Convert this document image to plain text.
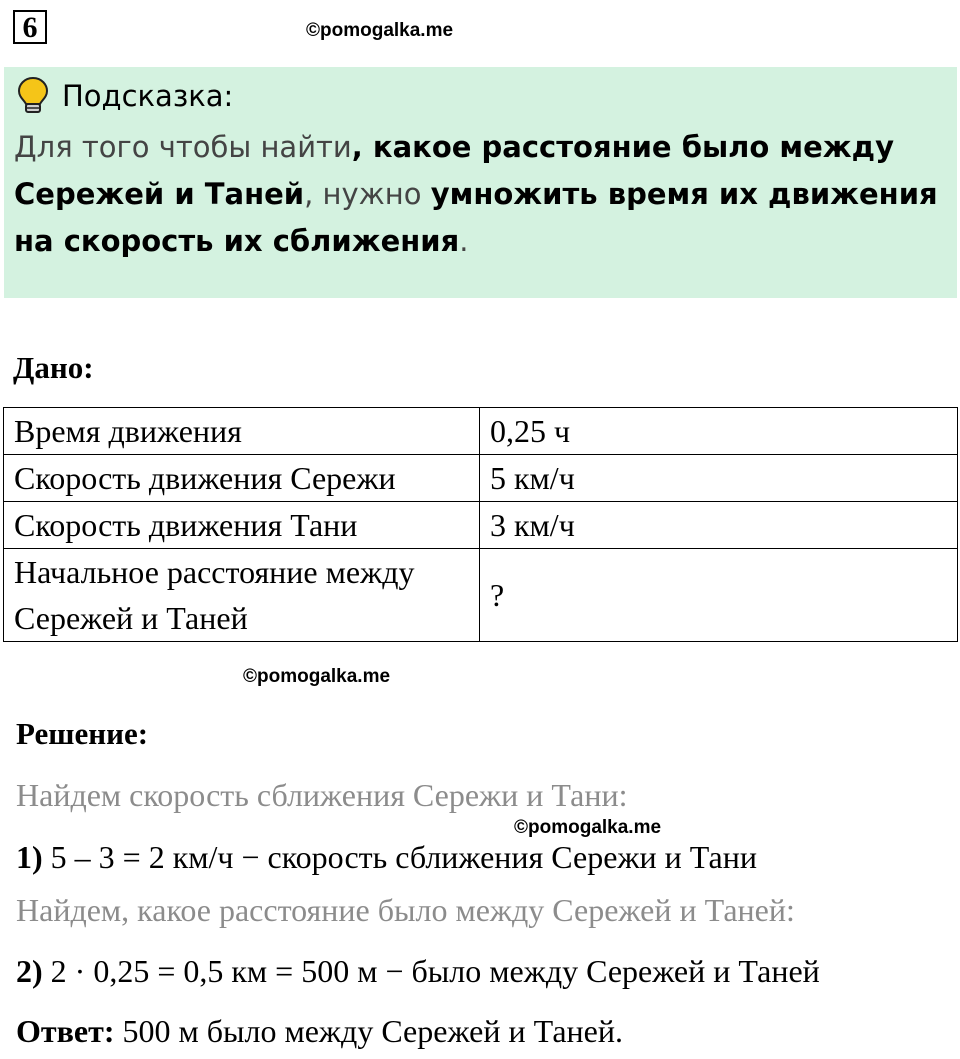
6	©pomogalka.me
Подсказка:
Для того чтобы найти, какое расстояние было между Сережей и Таней, нужно умножить время их движения на скорость их сближения.
Дано:
Время движения	0,25 ч
Скорость движения Сережи	5 км/ч
Скорость движения Тани	3 км/ч
Начальное расстояние между Сережей и Таней	?
©pomogalka.me
Решение:
Найдем скорость сближения Сережи и Тани:
©pomogalka.me
1) 5 – 3 = 2 км/ч − скорость сближения Сережи и Тани
Найдем, какое расстояние было между Сережей и Таней:
2) 2 · 0,25 = 0,5 км = 500 м − было между Сережей и Таней
Ответ: 500 м было между Сережей и Таней.
